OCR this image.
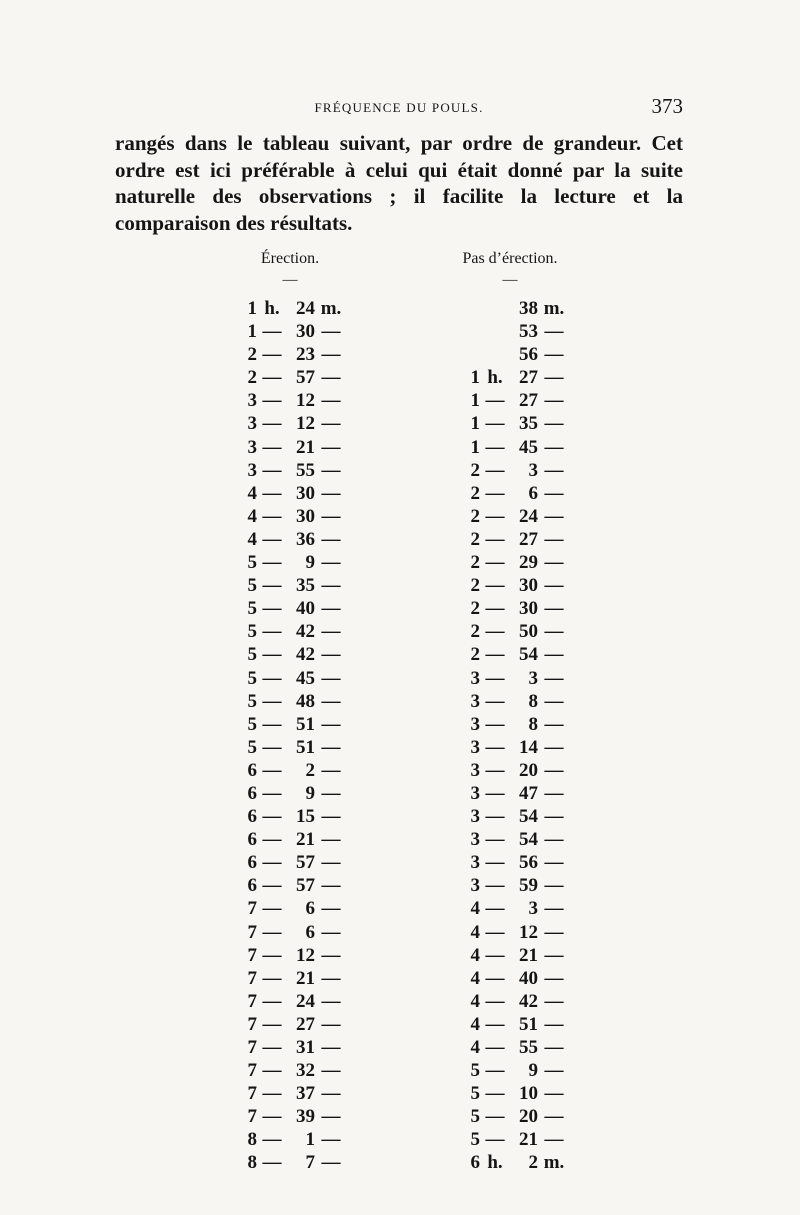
FRÉQUENCE DU POULS.	373
rangés dans le tableau suivant, par ordre de grandeur. Cet ordre est ici préférable à celui qui était donné par la suite naturelle des observations ; il facilite la lecture et la comparaison des résultats.
Érection.
—
Pas d’érection.
—
1 h. 24 m.
1 — 30 —
2 — 23 —
2 — 57 —
3 — 12 —
3 — 12 —
3 — 21 —
3 — 55 —
4 — 30 —
4 — 30 —
4 — 36 —
5 —	9 —
5 — 35 —
5 — 40 —
5 — 42 —
5 — 42 —
5 — 45 —
5 — 48 —
5 — 51 —
5 — 51 —
6 —	2 —
6 —	9 —
6 — 15 —
6 — 21 —
6 — 57 —
6 — 57 —
7 —	6 —
7 —	6 —
7 — 12 —
7 — 21 —
7 — 24 —
7 — 27 —
7 — 31 —
7 — 32 —
7 — 37 —
7 — 39 —
8 —	1 —
8 —	7 —
38 m.
53 —
56 —
1 h. 27 —
1 — 27 —
1 — 35 —
1 — 45 —
2 —	3 —
2 —	6 —
2 — 24 —
2 — 27 —
2 — 29 —
2 — 30 —
2 — 30 —
2 — 50 —
2 — 54 —
3 —	3 —
3 —	8 —
3 —	8 —
3 — 14 —
3 — 20 —
3 — 47 —
3 — 54 —
3 — 54 —
3 — 56 —
3 — 59 —
4 —	3 —
4 — 12 —
4 — 21 —
4 — 40 —
4 — 42 —
4 — 51 —
4 — 55 —
5 —	9 —
5 — 10 —
5 — 20 —
5 — 21 —
6 h.	2 m.
